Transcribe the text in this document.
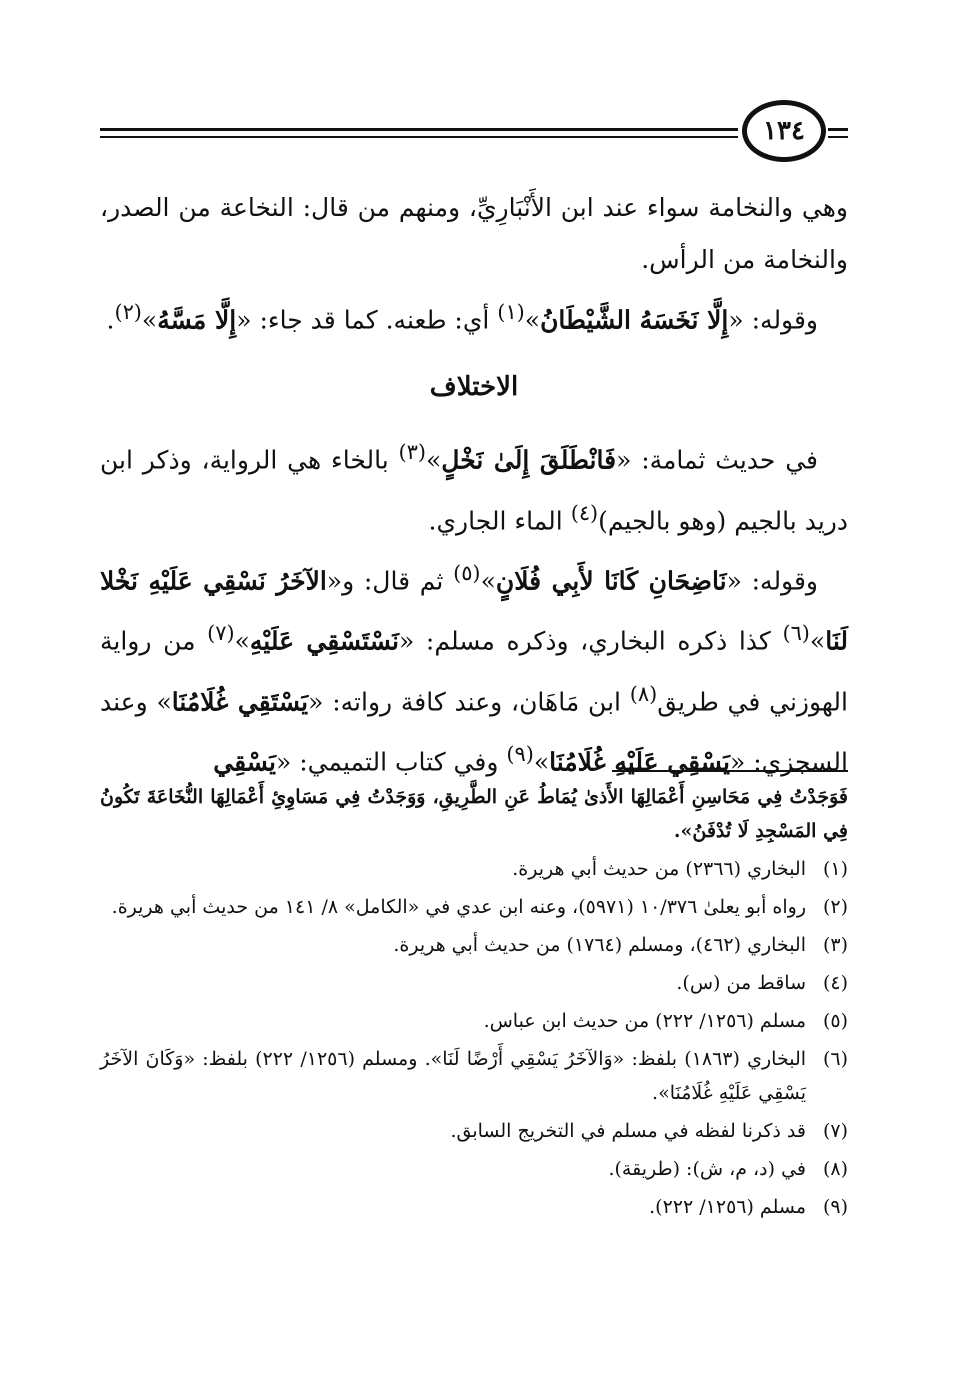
١٣٤

وهي والنخامة سواء عند ابن الأَنْبَارِيِّ، ومنهم من قال: النخاعة من الصدر، والنخامة من الرأس.

وقوله: «إِلَّا نَخَسَهُ الشَّيْطَانُ»$^{(١)}$ أي: طعنه. كما قد جاء: «إِلَّا مَسَّهُ»$^{(٢)}$.

الاختلاف

في حديث ثمامة: «فَانْطَلَقَ إِلَىٰ نَخْلٍ»$^{(٣)}$ بالخاء هي الرواية، وذكر ابن دريد بالجيم (وهو بالجيم)$^{(٤)}$ الماء الجاري.

وقوله: «نَاضِحَانِ كَانَا لأَبِي فُلَانٍ»$^{(٥)}$ ثم قال: و«الآخَرُ نَسْقِي عَلَيْهِ نَخْلا لَنَا»$^{(٦)}$ كذا ذكره البخاري، وذكره مسلم: «نَسْتَسْقِي عَلَيْهِ»$^{(٧)}$ من رواية الهوزني في طريق$^{(٨)}$ ابن مَاهَان، وعند كافة رواته: «يَسْتَقِي غُلَامُنَا» وعند السجزي: «يَسْقِي عَلَيْهِ غُلَامُنَا»$^{(٩)}$ وفي كتاب التميمي: «يَسْقِي

فَوَجَدْتُ فِي مَحَاسِنِ أَعْمَالِهَا الأَذىٰ يُمَاطُ عَنِ الطَّرِيقِ، وَوَجَدْتُ فِي مَسَاوِئِ أَعْمَالِهَا النُّخَاعَةَ تَكُونُ فِي المَسْجِدِ لَا تُدْفَنُ».

(١)
البخاري (٢٣٦٦) من حديث أبي هريرة.
(٢)
رواه أبو يعلىٰ ١٠/٣٧٦ (٥٩٧١)، وعنه ابن عدي في «الكامل» ٨/ ١٤١ من حديث أبي هريرة.
(٣)
البخاري (٤٦٢)، ومسلم (١٧٦٤) من حديث أبي هريرة.
(٤)
ساقط من (س).
(٥)
مسلم (١٢٥٦/ ٢٢٢) من حديث ابن عباس.
(٦)
البخاري (١٨٦٣) بلفظ: «وَالآخَرُ يَسْقِي أَرْضًا لَنَا». ومسلم (١٢٥٦/ ٢٢٢) بلفظ: «وَكَانَ الآخَرُ يَسْقِي عَلَيْهِ غُلَامُنَا».
(٧)
قد ذكرنا لفظه في مسلم في التخريج السابق.
(٨)
في (د، م، ش): (طريقة).
(٩)
مسلم (١٢٥٦/ ٢٢٢).
